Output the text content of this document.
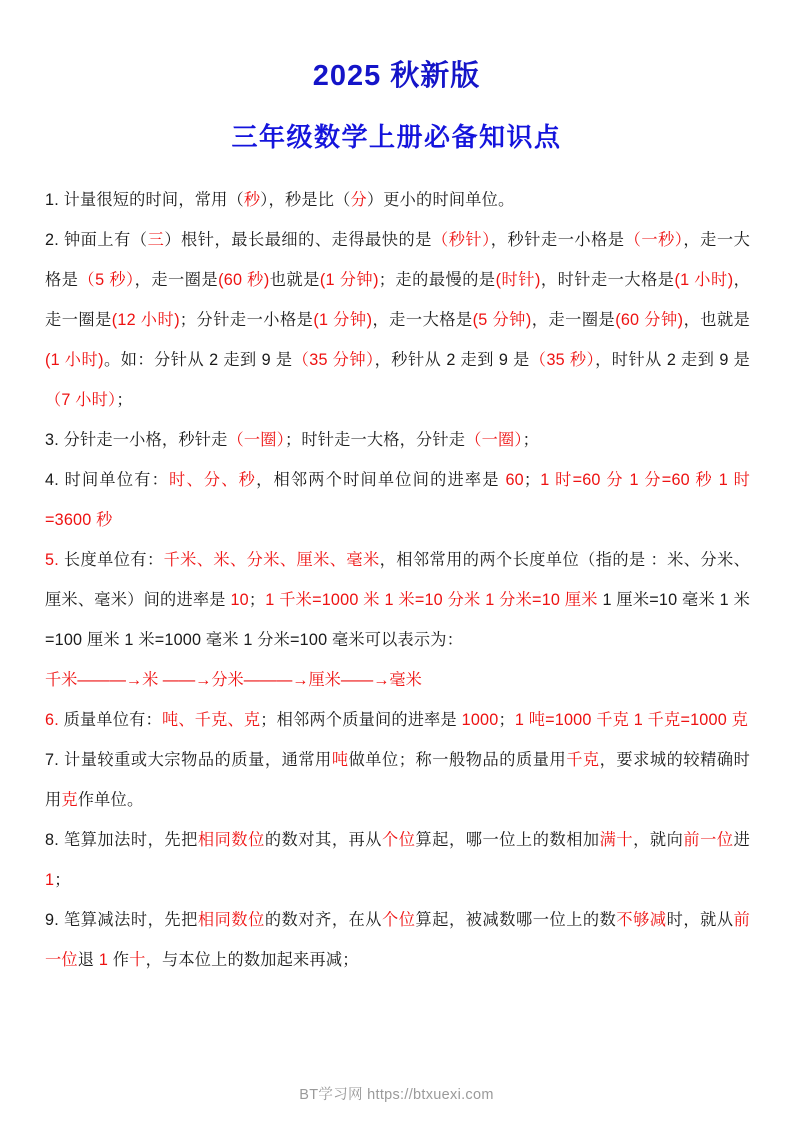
2025 秋新版
三年级数学上册必备知识点
1. 计量很短的时间，常用（秒），秒是比（分）更小的时间单位。
2. 钟面上有（三）根针，最长最细的、走得最快的是（秒针），秒针走一小格是（一秒），走一大格是（5 秒），走一圈是(60 秒)也就是(1 分钟)；走的最慢的是(时针)，时针走一大格是(1 小时)，走一圈是(12 小时)；分针走一小格是(1 分钟)，走一大格是(5 分钟)，走一圈是(60 分钟)，也就是(1 小时)。如：分针从 2 走到 9 是（35 分钟），秒针从 2 走到 9 是（35 秒），时针从 2 走到 9 是（7 小时）；
3. 分针走一小格，秒针走（一圈）；时针走一大格，分针走（一圈）；
4. 时间单位有：时、分、秒，相邻两个时间单位间的进率是 60；1 时=60 分 1 分=60 秒 1 时=3600 秒
5. 长度单位有：千米、米、分米、厘米、毫米，相邻常用的两个长度单位（指的是 ：米、分米、厘米、毫米）间的进率是 10；1 千米=1000 米 1 米=10 分米 1 分米=10 厘米 1 厘米=10 毫米 1 米=100 厘米 1 米=1000 毫米 1 分米=100 毫米可以表示为：
千米———→米 ——→分米———→厘米——→毫米
6. 质量单位有：吨、千克、克；相邻两个质量间的进率是 1000；1 吨=1000 千克 1 千克=1000 克
7. 计量较重或大宗物品的质量，通常用吨做单位；称一般物品的质量用千克，要求城的较精确时用克作单位。
8. 笔算加法时，先把相同数位的数对其，再从个位算起，哪一位上的数相加满十，就向前一位进 1；
9. 笔算减法时，先把相同数位的数对齐，在从个位算起，被减数哪一位上的数不够减时，就从前一位退 1 作十，与本位上的数加起来再减；
BT学习网 https://btxuexi.com
